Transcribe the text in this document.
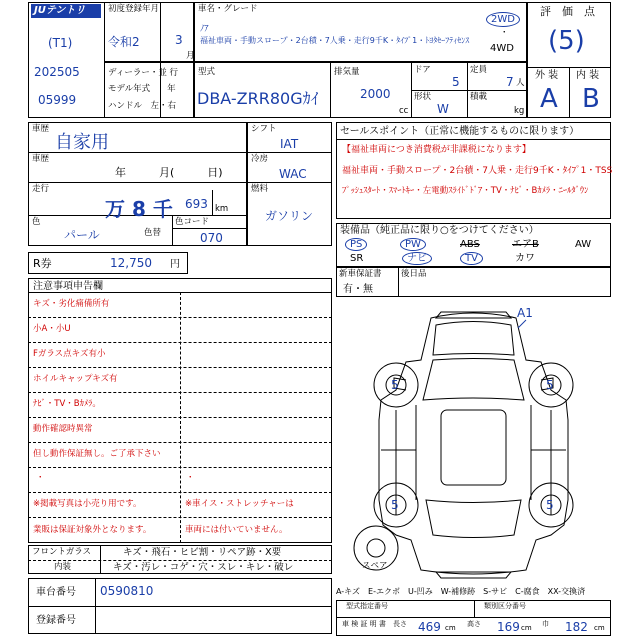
JUテントリ
(T1)
202505
05999
初度登録年月
令和2	3
月
車名・グレード
ﾉｱ
福祉車両・手動スロープ・2台積・7人乗・走行9千K・ﾀｲﾌﾟ1・ﾄﾖﾀｾｰﾌﾃｨｾﾝｽ
2WD
・
4WD
評　価　点
(5)
外 装 内 装
A B
ディーラー・並 行
モデル年式　　年
ハンドル　左・右
型式
DBA-ZRR80Gｶｲ
排気量
2000
cc
ドア
5
定員
7 人
形状
W
積載
kg
車歴
自家用
シフト
IAT
車歴
年　　　月(　　　日)
冷房
WAC
走行
万 8 千 693 km
燃料
ガソリン
色
パール	色替
色コード
070
R券	12,750 円
セールスポイント（正常に機能するものに限ります）
【福祉車両につき消費税が非課税になります】
福祉車両・手動スロープ・2台積・7人乗・走行9千K・ﾀｲﾌﾟ1・TSS
ﾌﾟｯｼｭｽﾀｰﾄ・ｽﾏｰﾄｷｰ・左電動ｽﾗｲﾄﾞﾄﾞｱ・TV・ﾅﾋﾞ・Bｶﾒﾗ・ﾆｰﾙﾀﾞｳﾝ
装備品（純正品に限り○をつけてください）
PS	PW	ABS	エアB	AW
SR	ナビ	TV	カワ
新車保証書
有・無
後日品
注意事項申告欄
キズ・劣化痛備所有
小A・小U
Fガラス点キズ有小
ホイルキャップキズ有
ﾅﾋﾞ・TV・Bｶﾒﾗ。
動作確認時異常
但し動作保証無し。ご了承下さい
・	・
※掲載写真は小売り用です。	※車イス・ストレッチャーは
業販は保証対象外となります。	車両には付いていません。
フロントガラス	キズ・飛石・ヒビ割・リペア跡・X要
内装	キズ・汚レ・コゲ・穴・スレ・キレ・破レ
車台番号 0590810
登録番号
A1
5	5
5	5
スペア
A-キズ　E-エクボ　U-凹み　W-補修跡　S-サビ　C-腐食　XX-交換済
型式指定番号	類別区分番号
車 検 証 明 書 長さ 469 cm 高さ 169 cm 巾 182 cm
